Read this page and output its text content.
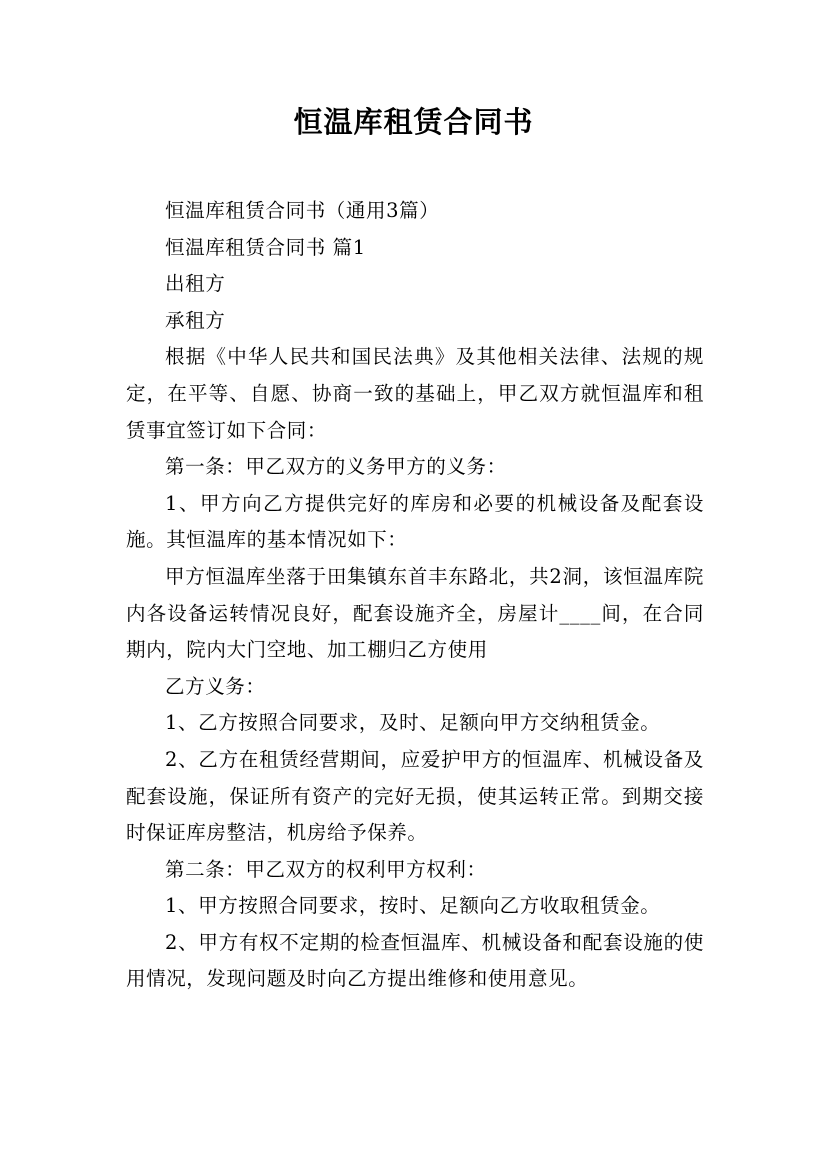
恒温库租赁合同书

恒温库租赁合同书（通用3篇）

恒温库租赁合同书 篇1

出租方

承租方

根据《中华人民共和国民法典》及其他相关法律、法规的规定，在平等、自愿、协商一致的基础上，甲乙双方就恒温库和租赁事宜签订如下合同：

第一条：甲乙双方的义务甲方的义务：

1、甲方向乙方提供完好的库房和必要的机械设备及配套设施。其恒温库的基本情况如下：

甲方恒温库坐落于田集镇东首丰东路北，共2洞，该恒温库院内各设备运转情况良好，配套设施齐全，房屋计____间，在合同期内，院内大门空地、加工棚归乙方使用

乙方义务：

1、乙方按照合同要求，及时、足额向甲方交纳租赁金。

2、乙方在租赁经营期间，应爱护甲方的恒温库、机械设备及配套设施，保证所有资产的完好无损，使其运转正常。到期交接时保证库房整洁，机房给予保养。

第二条：甲乙双方的权利甲方权利：

1、甲方按照合同要求，按时、足额向乙方收取租赁金。

2、甲方有权不定期的检查恒温库、机械设备和配套设施的使用情况，发现问题及时向乙方提出维修和使用意见。
